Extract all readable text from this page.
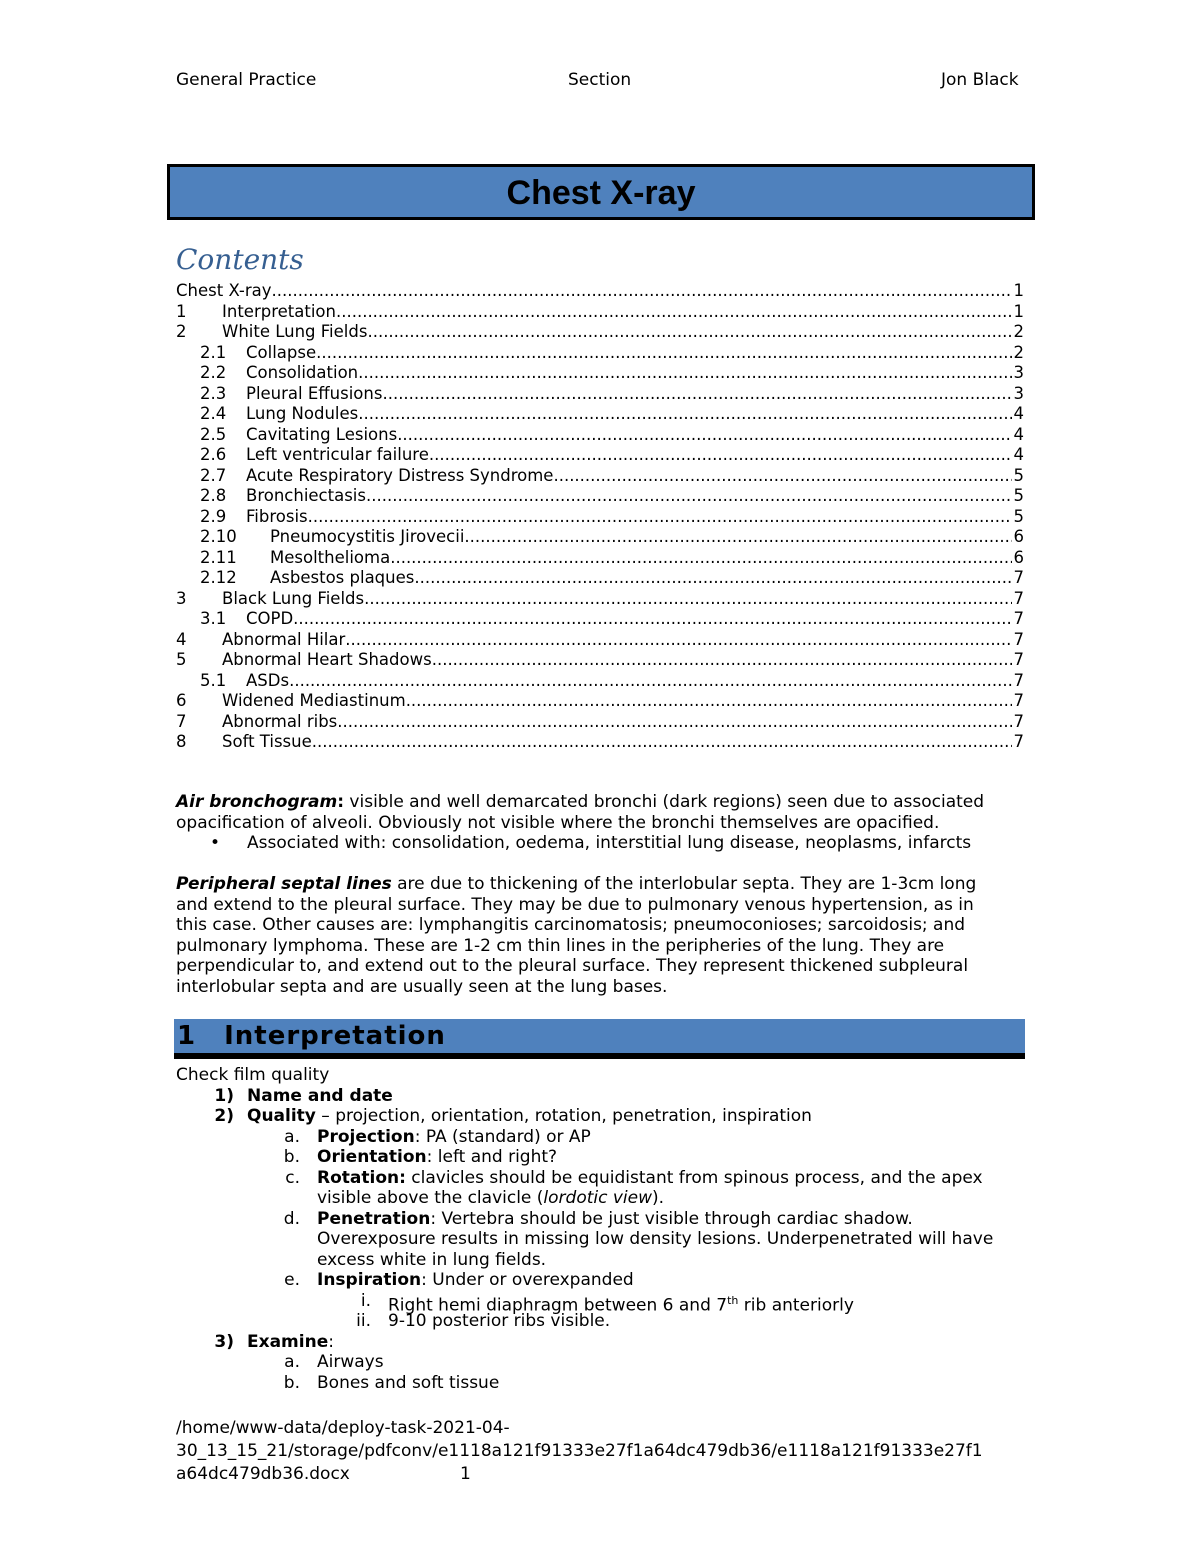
General Practice	Section	Jon Black
Chest X-ray
Contents
Chest X-ray .....	1
1	Interpretation .....	1
2	White Lung Fields .....	2
2.1	Collapse .....	2
2.2	Consolidation .....	3
2.3	Pleural Effusions .....	3
2.4	Lung Nodules .....	4
2.5	Cavitating Lesions .....	4
2.6	Left ventricular failure .....	4
2.7	Acute Respiratory Distress Syndrome .....	5
2.8	Bronchiectasis .....	5
2.9	Fibrosis .....	5
2.10	Pneumocystitis Jirovecii .....	6
2.11	Mesolthelioma .....	6
2.12	Asbestos plaques .....	7
3	Black Lung Fields .....	7
3.1	COPD .....	7
4	Abnormal Hilar .....	7
5	Abnormal Heart Shadows .....	7
5.1	ASDs .....	7
6	Widened Mediastinum .....	7
7	Abnormal ribs .....	7
8	Soft Tissue .....	7
Air bronchogram: visible and well demarcated bronchi (dark regions) seen due to associated
opacification of alveoli. Obviously not visible where the bronchi themselves are opacified.
• Associated with: consolidation, oedema, interstitial lung disease, neoplasms, infarcts
Peripheral septal lines are due to thickening of the interlobular septa. They are 1-3cm long
and extend to the pleural surface. They may be due to pulmonary venous hypertension, as in
this case. Other causes are: lymphangitis carcinomatosis; pneumoconioses; sarcoidosis; and
pulmonary lymphoma. These are 1-2 cm thin lines in the peripheries of the lung. They are
perpendicular to, and extend out to the pleural surface. They represent thickened subpleural
interlobular septa and are usually seen at the lung bases.
1 Interpretation
Check film quality
1) Name and date
2) Quality – projection, orientation, rotation, penetration, inspiration
a. Projection: PA (standard) or AP
b. Orientation: left and right?
c. Rotation: clavicles should be equidistant from spinous process, and the apex
visible above the clavicle (lordotic view).
d. Penetration: Vertebra should be just visible through cardiac shadow.
Overexposure results in missing low density lesions. Underpenetrated will have
excess white in lung fields.
e. Inspiration: Under or overexpanded
i. Right hemi diaphragm between 6 and 7th rib anteriorly
ii. 9-10 posterior ribs visible.
3) Examine:
a. Airways
b. Bones and soft tissue
/home/www-data/deploy-task-2021-04-
30_13_15_21/storage/pdfconv/e1118a121f91333e27f1a64dc479db36/e1118a121f91333e27f1
a64dc479db36.docx	1
